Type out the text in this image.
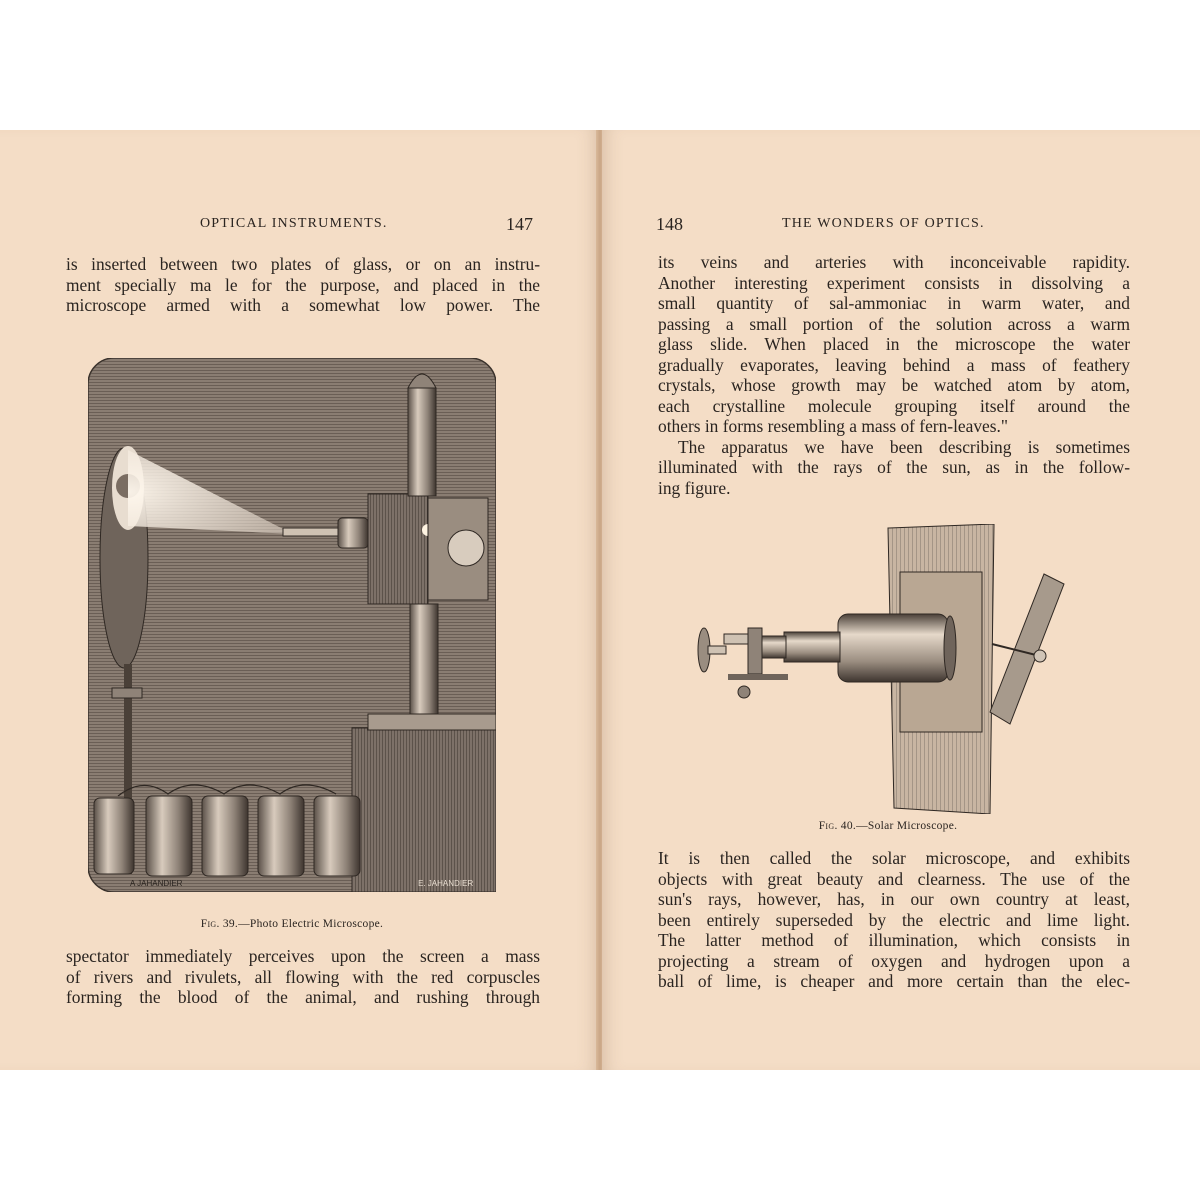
OPTICAL INSTRUMENTS.	147
is inserted between two plates of glass, or on an instru-
ment specially ma le for the purpose, and placed in the
microscope armed with a somewhat low power. The
A JAHANDIER	E. JAHANDIER
Fig. 39.—Photo Electric Microscope.
spectator immediately perceives upon the screen a mass
of rivers and rivulets, all flowing with the red corpuscles
forming the blood of the animal, and rushing through
148	THE WONDERS OF OPTICS.
its veins and arteries with inconceivable rapidity.
Another interesting experiment consists in dissolving a
small quantity of sal-ammoniac in warm water, and
passing a small portion of the solution across a warm
glass slide. When placed in the microscope the water
gradually evaporates, leaving behind a mass of feathery
crystals, whose growth may be watched atom by atom,
each crystalline molecule grouping itself around the
others in forms resembling a mass of fern-leaves."
The apparatus we have been describing is sometimes
illuminated with the rays of the sun, as in the follow-
ing figure.
Fig. 40.—Solar Microscope.
It is then called the solar microscope, and exhibits
objects with great beauty and clearness. The use of the
sun's rays, however, has, in our own country at least,
been entirely superseded by the electric and lime light.
The latter method of illumination, which consists in
projecting a stream of oxygen and hydrogen upon a
ball of lime, is cheaper and more certain than the elec-
